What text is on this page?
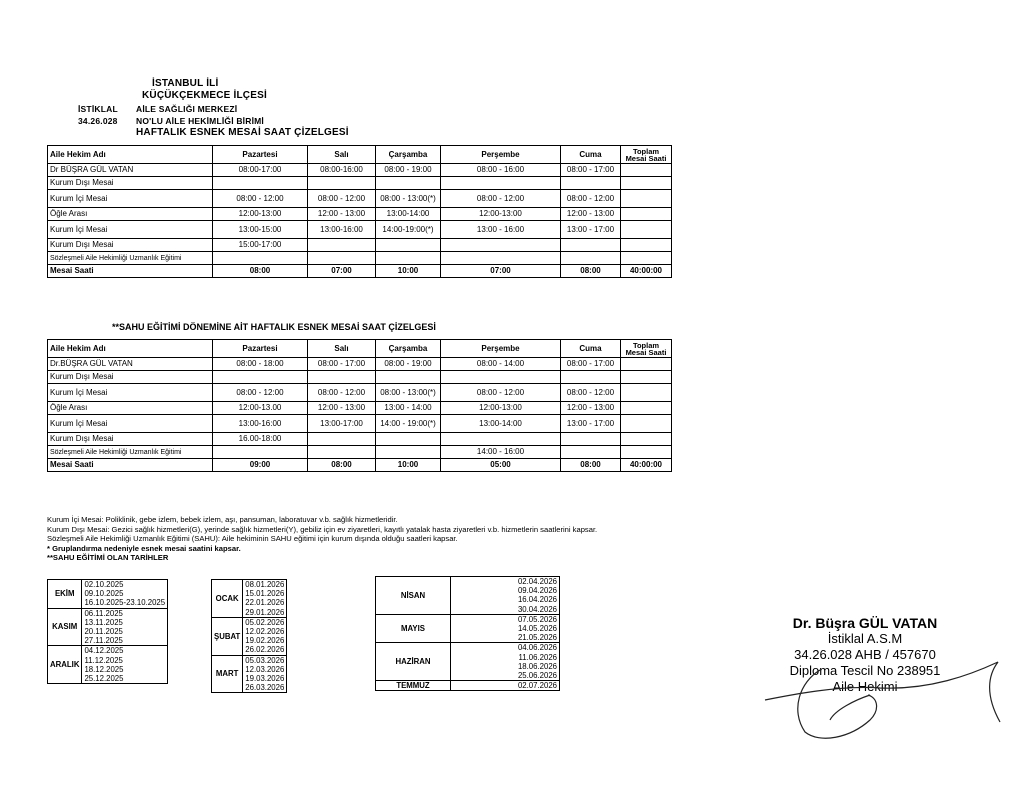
İSTANBUL İLİ
KÜÇÜKÇEKMECE İLÇESİ
İSTİKLAL AİLE SAĞLIĞI MERKEZİ
34.26.028 NO'LU AİLE HEKİMLİĞİ BİRİMİ
HAFTALIK ESNEK MESAİ SAAT ÇİZELGESİ
Aile Hekim Adı	Pazartesi	Salı	Çarşamba	Perşembe	Cuma	Toplam Mesai Saati
Dr BÜŞRA GÜL VATAN	08:00-17:00	08:00-16:00	08:00 - 19:00	08:00 - 16:00	08:00 - 17:00	
Kurum Dışı Mesai						
Kurum İçi Mesai	08:00 - 12:00	08:00 - 12:00	08:00 - 13:00(*)	08:00 - 12:00	08:00 - 12:00	
Öğle Arası	12:00-13:00	12:00 - 13:00	13:00-14:00	12:00-13:00	12:00 - 13:00	
Kurum İçi Mesai	13:00-15:00	13:00-16:00	14:00-19:00(*)	13:00 - 16:00	13:00 - 17:00	
Kurum Dışı Mesai	15:00-17:00					
Sözleşmeli Aile Hekimliği Uzmanlık Eğitimi						
Mesai Saati	08:00	07:00	10:00	07:00	08:00	40:00:00
**SAHU EĞİTİMİ DÖNEMİNE AİT HAFTALIK ESNEK MESAİ SAAT ÇİZELGESİ
Aile Hekim Adı	Pazartesi	Salı	Çarşamba	Perşembe	Cuma	Toplam Mesai Saati
Dr.BÜŞRA GÜL VATAN	08:00 - 18:00	08:00 - 17:00	08:00 - 19:00	08:00 - 14:00	08:00 - 17:00	
Kurum Dışı Mesai						
Kurum İçi Mesai	08:00 - 12:00	08:00 - 12:00	08:00 - 13:00(*)	08:00 - 12:00	08:00 - 12:00	
Öğle Arası	12:00-13.00	12:00 - 13:00	13:00 - 14:00	12:00-13:00	12:00 - 13:00	
Kurum İçi Mesai	13:00-16:00	13:00-17:00	14:00 - 19:00(*)	13:00-14:00	13:00 - 17:00	
Kurum Dışı Mesai	16.00-18:00					
Sözleşmeli Aile Hekimliği Uzmanlık Eğitimi				14:00 - 16:00		
Mesai Saati	09:00	08:00	10:00	05:00	08:00	40:00:00
Kurum İçi Mesai: Poliklinik, gebe izlem, bebek izlem, aşı, pansuman, laboratuvar v.b. sağlık hizmetleridir.
Kurum Dışı Mesai: Gezici sağlık hizmetleri(G), yerinde sağlık hizmetleri(Y), gebiliz için ev ziyaretleri, kayıtlı yatalak hasta ziyaretleri v.b. hizmetlerin saatlerini kapsar.
Sözleşmeli Aile Hekimliği Uzmanlık Eğitimi (SAHU): Aile hekiminin SAHU eğitimi için kurum dışında olduğu saatleri kapsar.
* Gruplandırma nedeniyle esnek mesai saatini kapsar.
**SAHU EĞİTİMİ OLAN TARİHLER
EKİM	02.10.2025
09.10.2025
16.10.2025-23.10.2025

KASIM	06.11.2025
13.11.2025
20.11.2025
27.11.2025

ARALIK	04.12.2025
11.12.2025
18.12.2025
25.12.2025
OCAK	08.01.2026
15.01.2026
22.01.2026
29.01.2026

ŞUBAT	05.02.2026
12.02.2026
19.02.2026
26.02.2026

MART	05.03.2026
12.03.2026
19.03.2026
26.03.2026
NİSAN	02.04.2026
09.04.2026
16.04.2026
30.04.2026

MAYIS	07.05.2026
14.05.2026
21.05.2026

HAZİRAN	04.06.2026
11.06.2026
18.06.2026
25.06.2026

TEMMUZ	02.07.2026
Dr. Büşra GÜL VATAN
İstiklal A.S.M
34.26.028 AHB / 457670
Diploma Tescil No 238951
Aile Hekimi
